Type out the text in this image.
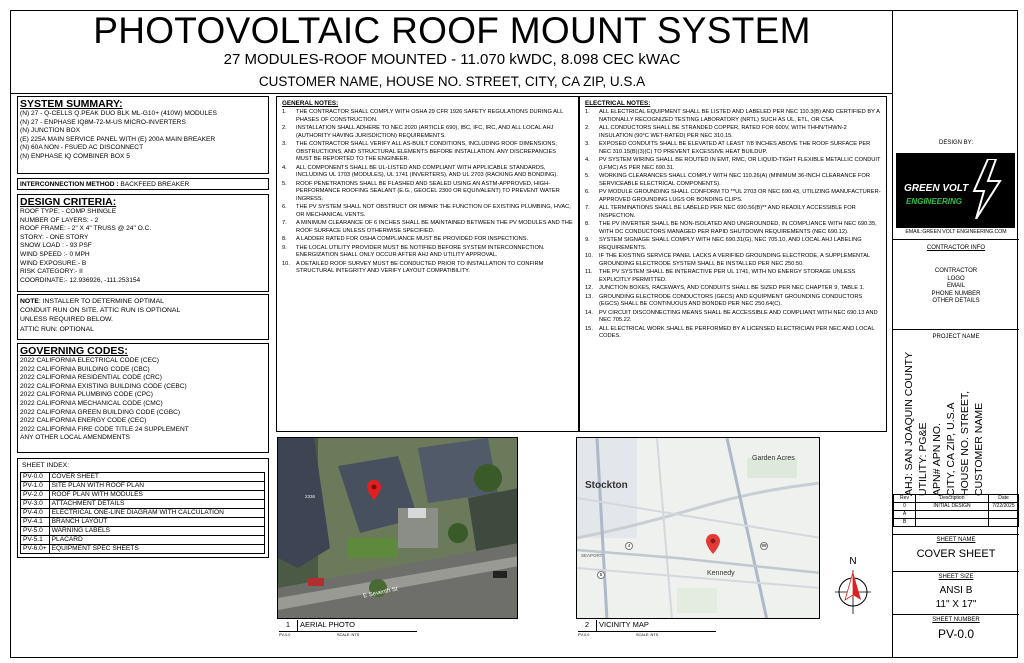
PHOTOVOLTAIC ROOF MOUNT SYSTEM
27 MODULES-ROOF MOUNTED - 11.070 kWDC, 8.098 CEC kWAC
CUSTOMER NAME, HOUSE NO. STREET, CITY, CA ZIP, U.S.A
SYSTEM SUMMARY:
(N) 27 - Q-CELLS Q.PEAK DUO BLK ML-G10+ (410W) MODULES
(N) 27 - ENPHASE IQ8M-72-M-US MICRO-INVERTERS
(N) JUNCTION BOX
(E) 225A MAIN SERVICE PANEL WITH (E) 200A MAIN BREAKER
(N) 60A NON - FSUED AC DISCONNECT
(N) ENPHASE IQ COMBINER BOX 5
INTERCONNECTION METHOD : BACKFEED BREAKER
DESIGN CRITERIA:
ROOF TYPE: - COMP SHINGLE
NUMBER OF LAYERS: - 2
ROOF FRAME: - 2" X 4" TRUSS @ 24" O.C.
STORY: - ONE STORY
SNOW LOAD : - 93 PSF
WIND SPEED :- 0 MPH
WIND EXPOSURE:- B
RISK CATEGORY:- II
COORDINATE:- 12.936926, -111.253154
NOTE: INSTALLER TO DETERMINE OPTIMAL CONDUIT RUN ON SITE. ATTIC RUN IS OPTIONAL UNLESS REQUIRED BELOW.
ATTIC RUN: OPTIONAL
GOVERNING CODES:
2022 CALIFORNIA ELECTRICAL CODE (CEC)
2022 CALIFORNIA BUILDING CODE (CBC)
2022 CALIFORNIA RESIDENTIAL CODE (CRC)
2022 CALIFORNIA EXISTING BUILDING CODE (CEBC)
2022 CALIFORNIA PLUMBING CODE (CPC)
2022 CALIFORNIA MECHANICAL CODE (CMC)
2022 CALIFORNIA GREEN BUILDING CODE (CGBC)
2022 CALIFORNIA ENERGY CODE (CEC)
2022 CALIFORNIA FIRE CODE TITLE 24 SUPPLEMENT
ANY OTHER LOCAL AMENDMENTS
SHEET INDEX:
PV-0.0	COVER SHEET
PV-1.0	SITE PLAN WITH ROOF PLAN
PV-2.0	ROOF PLAN WITH MODULES
PV-3.0	ATTACHMENT DETAILS
PV-4.0	ELECTRICAL ONE-LINE DIAGRAM WITH CALCULATION
PV-4.1	BRANCH LAYOUT
PV-5.0	WARNING LABELS
PV-5.1	PLACARD
PV-6.0+	EQUIPMENT SPEC SHEETS
GENERAL NOTES:
1.	THE CONTRACTOR SHALL COMPLY WITH OSHA 29 CFR 1926 SAFETY REGULATIONS DURING ALL PHASES OF CONSTRUCTION.
2.	INSTALLATION SHALL ADHERE TO NEC 2020 (ARTICLE 690), IBC, IFC, IRC, AND ALL LOCAL AHJ (AUTHORITY HAVING JURISDICTION) REQUIREMENTS.
3.	THE CONTRACTOR SHALL VERIFY ALL AS-BUILT CONDITIONS, INCLUDING ROOF DIMENSIONS, OBSTRUCTIONS, AND STRUCTURAL ELEMENTS BEFORE INSTALLATION. ANY DISCREPANCIES MUST BE REPORTED TO THE ENGINEER.
4.	ALL COMPONENTS SHALL BE UL-LISTED AND COMPLIANT WITH APPLICABLE STANDARDS, INCLUDING UL 1703 (MODULES), UL 1741 (INVERTERS), AND UL 2703 (RACKING AND BONDING).
5.	ROOF PENETRATIONS SHALL BE FLASHED AND SEALED USING AN ASTM-APPROVED, HIGH-PERFORMANCE ROOFING SEALANT (E.G., GEOCEL 2300 OR EQUIVALENT) TO PREVENT WATER INGRESS.
6.	THE PV SYSTEM SHALL NOT OBSTRUCT OR IMPAIR THE FUNCTION OF EXISTING PLUMBING, HVAC, OR MECHANICAL VENTS.
7.	A MINIMUM CLEARANCE OF 6 INCHES SHALL BE MAINTAINED BETWEEN THE PV MODULES AND THE ROOF SURFACE UNLESS OTHERWISE SPECIFIED.
8.	A LADDER RATED FOR OSHA COMPLIANCE MUST BE PROVIDED FOR INSPECTIONS.
9.	THE LOCAL UTILITY PROVIDER MUST BE NOTIFIED BEFORE SYSTEM INTERCONNECTION. ENERGIZATION SHALL ONLY OCCUR AFTER AHJ AND UTILITY APPROVAL.
10.	A DETAILED ROOF SURVEY MUST BE CONDUCTED PRIOR TO INSTALLATION TO CONFIRM STRUCTURAL INTEGRITY AND VERIFY LAYOUT COMPATIBILITY.
ELECTRICAL NOTES:
1.	ALL ELECTRICAL EQUIPMENT SHALL BE LISTED AND LABELED PER NEC 110.3(B) AND CERTIFIED BY A NATIONALLY RECOGNIZED TESTING LABORATORY (NRTL) SUCH AS UL, ETL, OR CSA.
2.	ALL CONDUCTORS SHALL BE STRANDED COPPER, RATED FOR 600V, WITH THHN/THWN-2 INSULATION (90°C WET-RATED) PER NEC 310.15.
3.	EXPOSED CONDUITS SHALL BE ELEVATED AT LEAST 7/8 INCHES ABOVE THE ROOF SURFACE PER NEC 310.15(B)(3)(C) TO PREVENT EXCESSIVE HEAT BUILDUP.
4.	PV SYSTEM WIRING SHALL BE ROUTED IN EMT, RMC, OR LIQUID-TIGHT FLEXIBLE METALLIC CONDUIT (LFMC) AS PER NEC 690.31.
5.	WORKING CLEARANCES SHALL COMPLY WITH NEC 110.26(A) (MINIMUM 36-INCH CLEARANCE FOR SERVICEABLE ELECTRICAL COMPONENTS).
6.	PV MODULE GROUNDING SHALL CONFORM TO **UL 2703 OR NEC 690.43, UTILIZING MANUFACTURER-APPROVED GROUNDING LUGS OR BONDING CLIPS.
7.	ALL TERMINATIONS SHALL BE LABELED PER NEC 690.56(B)** AND READILY ACCESSIBLE FOR INSPECTION.
8.	THE PV INVERTER SHALL BE NON-ISOLATED AND UNGROUNDED, IN COMPLIANCE WITH NEC 690.35, WITH DC CONDUCTORS MANAGED PER RAPID SHUTDOWN REQUIREMENTS (NEC 690.12).
9.	SYSTEM SIGNAGE SHALL COMPLY WITH NEC 690.31(G), NEC 705.10, AND LOCAL AHJ LABELING REQUIREMENTS.
10.	IF THE EXISTING SERVICE PANEL LACKS A VERIFIED GROUNDING ELECTRODE, A SUPPLEMENTAL GROUNDING ELECTRODE SYSTEM SHALL BE INSTALLED PER NEC 250.50.
11.	THE PV SYSTEM SHALL BE INTERACTIVE PER UL 1741, WITH NO ENERGY STORAGE UNLESS EXPLICITLY PERMITTED.
12.	JUNCTION BOXES, RACEWAYS, AND CONDUITS SHALL BE SIZED PER NEC CHAPTER 9, TABLE 1.
13.	GROUNDING ELECTRODE CONDUCTORS (GECS) AND EQUIPMENT GROUNDING CONDUCTORS (EGCS) SHALL BE CONTINUOUS AND BONDED PER NEC 250.64(C).
14.	PV CIRCUIT DISCONNECTING MEANS SHALL BE ACCESSIBLE AND COMPLIANT WITH NEC 690.13 AND NEC 705.22.
15.	ALL ELECTRICAL WORK SHALL BE PERFORMED BY A LICENSED ELECTRICIAN PER NEC AND LOCAL CODES.
2336
E Seventh St
1	AERIAL PHOTO
PV-0.0	SCALE: NTS
Stockton
Garden Acres
Kennedy
SEAPORT
4	99
5
2	VICINITY MAP
PV-0.0	SCALE: NTS
N
DESIGN BY:
GREEN VOLT
ENGINEERING
EMAIL:GREEN VOLT ENGINEERING.COM
CONTRACTOR INFO
CONTRACTOR
LOGO
EMAIL
PHONE NUMBER
OTHER DETAILS
PROJECT NAME
CUSTOMER NAME
HOUSE NO. STREET,
CITY, CA ZIP, U.S.A
APN# APN NO.
UTILITY: PG&E
AHJ: SAN JOAQUIN COUNTY
Rev	Description	Date
0	INITIAL DESIGN	7/22/2025
A		
B		
SHEET NAME
COVER SHEET
SHEET SIZE
ANSI B
11" X 17"
SHEET NUMBER
PV-0.0
